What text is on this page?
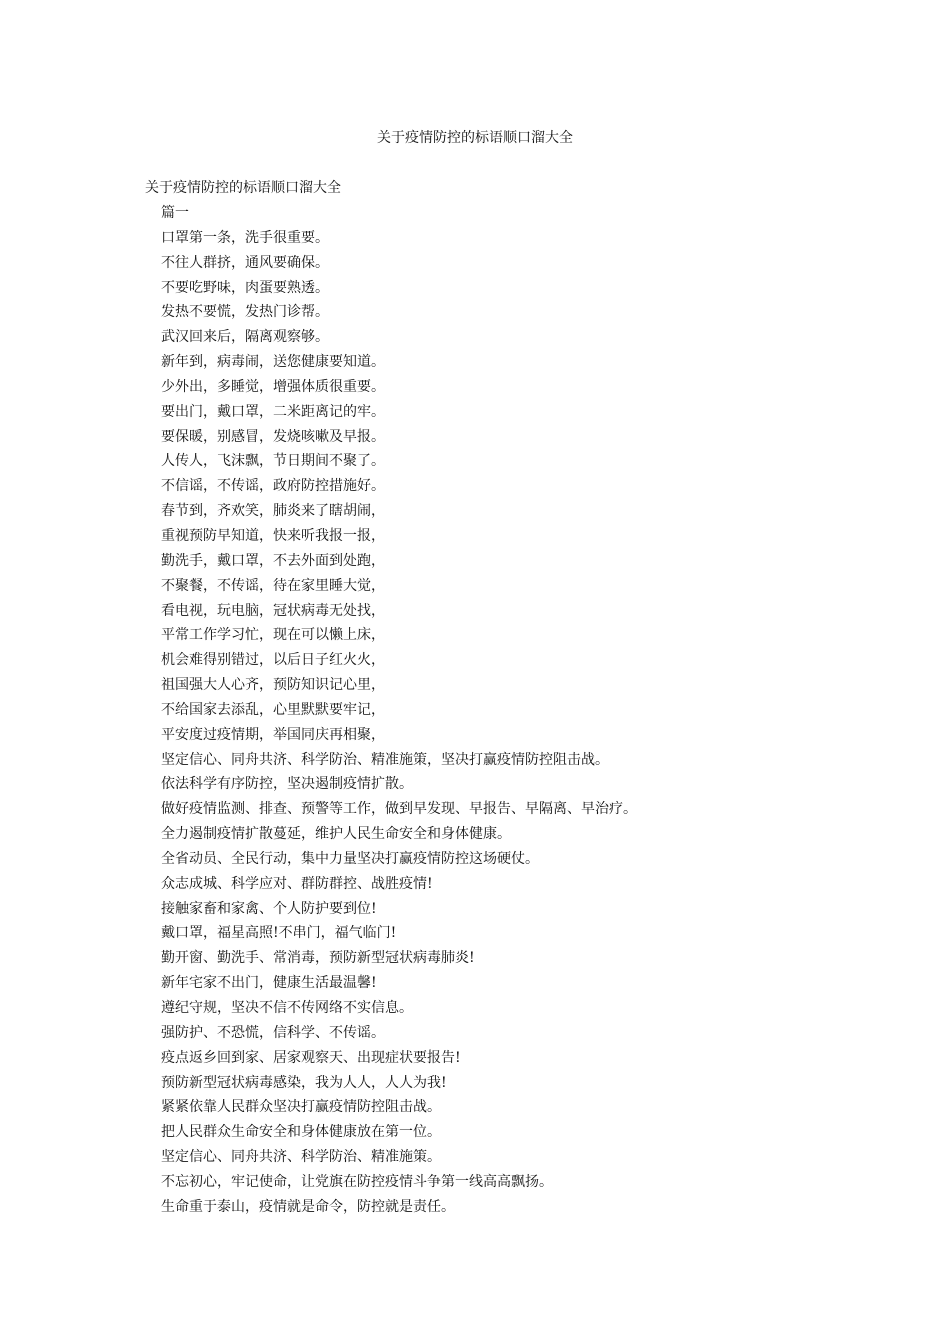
关于疫情防控的标语顺口溜大全
关于疫情防控的标语顺口溜大全
篇一
口罩第一条，洗手很重要。
不往人群挤，通风要确保。
不要吃野味，肉蛋要熟透。
发热不要慌，发热门诊帮。
武汉回来后，隔离观察够。
新年到，病毒闹，送您健康要知道。
少外出，多睡觉，增强体质很重要。
要出门，戴口罩，二米距离记的牢。
要保暖，别感冒，发烧咳嗽及早报。
人传人，飞沫飘，节日期间不聚了。
不信谣，不传谣，政府防控措施好。
春节到，齐欢笑，肺炎来了瞎胡闹，
重视预防早知道，快来听我报一报，
勤洗手，戴口罩，不去外面到处跑，
不聚餐，不传谣，待在家里睡大觉，
看电视，玩电脑，冠状病毒无处找，
平常工作学习忙，现在可以懒上床，
机会难得别错过，以后日子红火火，
祖国强大人心齐，预防知识记心里，
不给国家去添乱，心里默默要牢记，
平安度过疫情期，举国同庆再相聚，
坚定信心、同舟共济、科学防治、精准施策，坚决打赢疫情防控阻击战。
依法科学有序防控，坚决遏制疫情扩散。
做好疫情监测、排查、预警等工作，做到早发现、早报告、早隔离、早治疗。
全力遏制疫情扩散蔓延，维护人民生命安全和身体健康。
全省动员、全民行动，集中力量坚决打赢疫情防控这场硬仗。
众志成城、科学应对、群防群控、战胜疫情!
接触家畜和家禽、个人防护要到位!
戴口罩，福星高照!不串门，福气临门!
勤开窗、勤洗手、常消毒，预防新型冠状病毒肺炎!
新年宅家不出门，健康生活最温馨!
遵纪守规，坚决不信不传网络不实信息。
强防护、不恐慌，信科学、不传谣。
疫点返乡回到家、居家观察天、出现症状要报告!
预防新型冠状病毒感染，我为人人，人人为我!
紧紧依靠人民群众坚决打赢疫情防控阻击战。
把人民群众生命安全和身体健康放在第一位。
坚定信心、同舟共济、科学防治、精准施策。
不忘初心，牢记使命，让党旗在防控疫情斗争第一线高高飘扬。
生命重于泰山，疫情就是命令，防控就是责任。
